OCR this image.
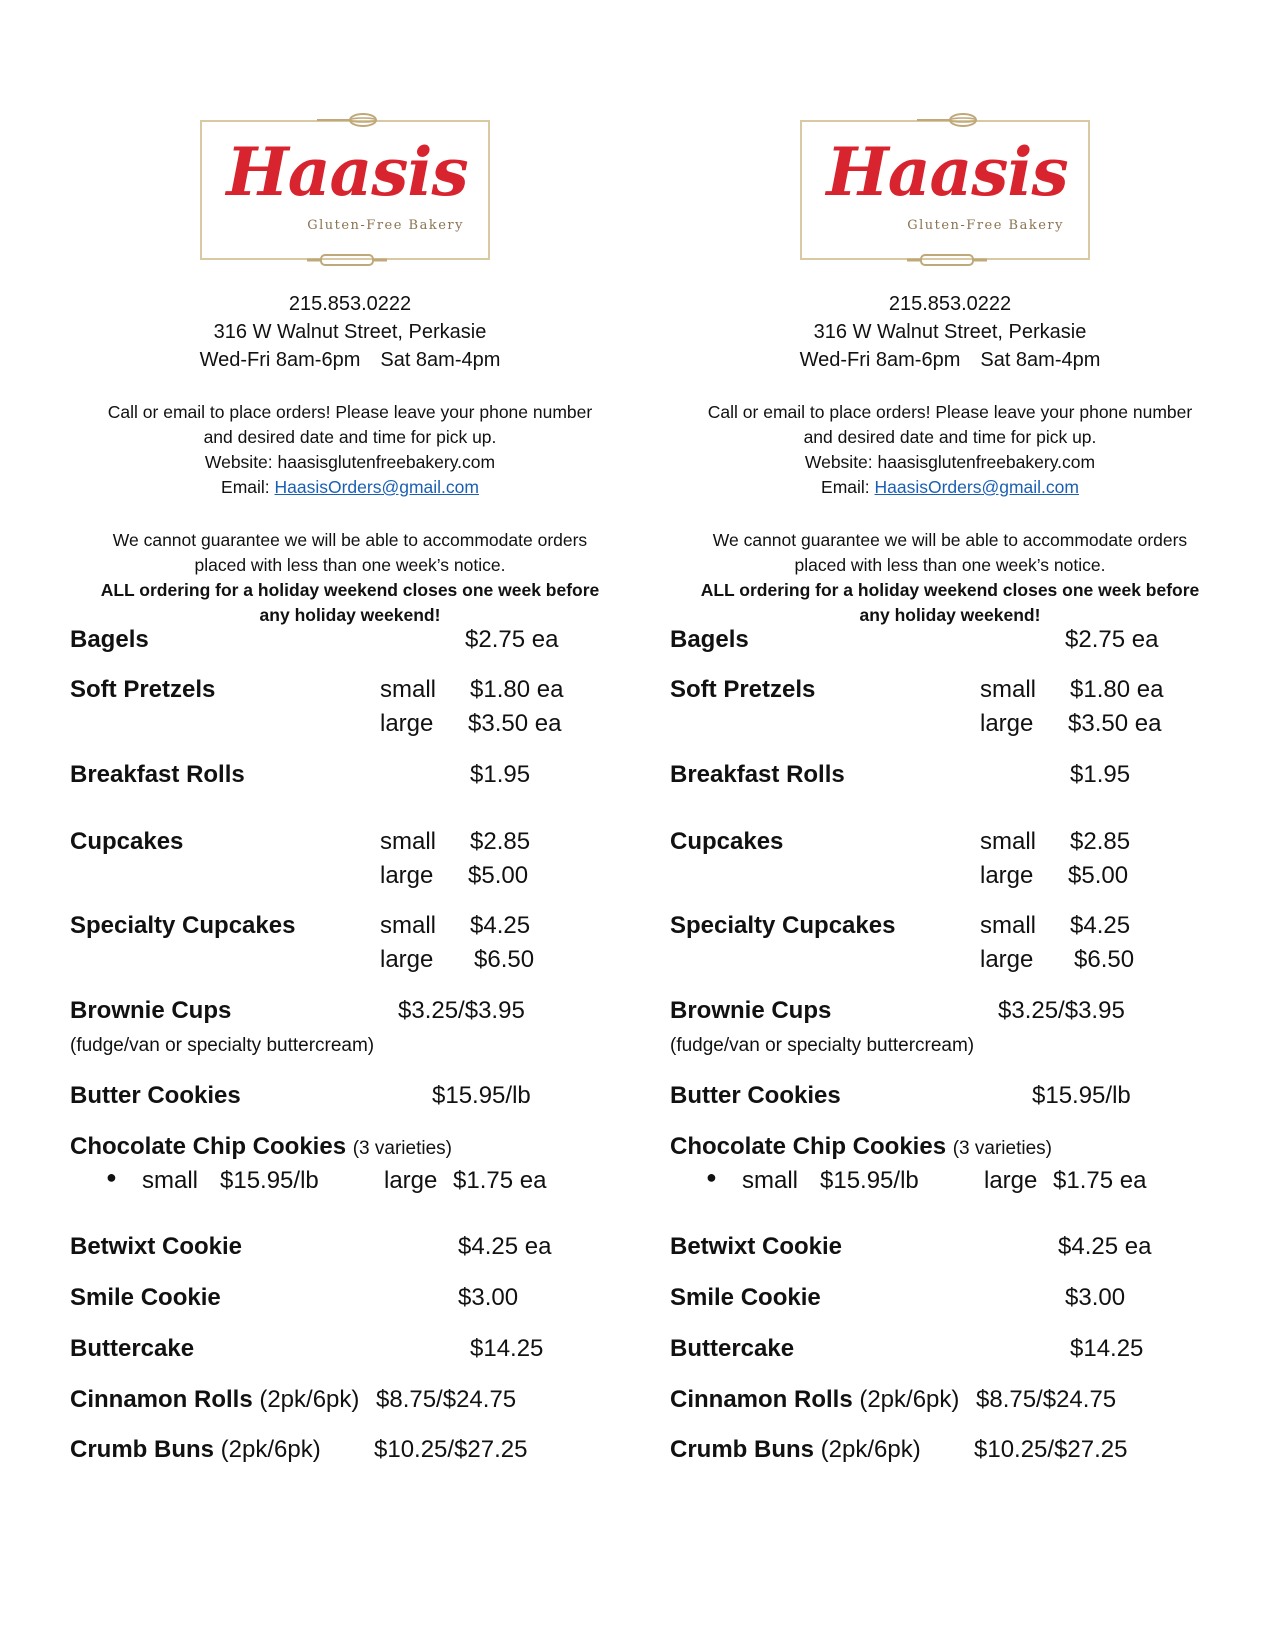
Haasis
Gluten-Free Bakery
215.853.0222
316 W Walnut Street, Perkasie
Wed-Fri 8am-6pm Sat 8am-4pm
Call or email to place orders! Please leave your phone number
and desired date and time for pick up.
Website: haasisglutenfreebakery.com
Email: HaasisOrders@gmail.com
We cannot guarantee we will be able to accommodate orders
placed with less than one week’s notice.
ALL ordering for a holiday weekend closes one week before
any holiday weekend!
Bagels	$2.75 ea
Soft Pretzels	small $1.80 ea
large $3.50 ea
Breakfast Rolls	$1.95
Cupcakes	small $2.85
large $5.00
Specialty Cupcakes	small $4.25
large $6.50
Brownie Cups	$3.25/$3.95
(fudge/van or specialty buttercream)
Butter Cookies	$15.95/lb
Chocolate Chip Cookies (3 varieties)
● small $15.95/lb	large $1.75 ea
Betwixt Cookie	$4.25 ea
Smile Cookie	$3.00
Buttercake	$14.25
Cinnamon Rolls (2pk/6pk) $8.75/$24.75
Crumb Buns (2pk/6pk) $10.25/$27.25
Haasis
Gluten-Free Bakery
215.853.0222
316 W Walnut Street, Perkasie
Wed-Fri 8am-6pm Sat 8am-4pm
Call or email to place orders! Please leave your phone number
and desired date and time for pick up.
Website: haasisglutenfreebakery.com
Email: HaasisOrders@gmail.com
We cannot guarantee we will be able to accommodate orders
placed with less than one week’s notice.
ALL ordering for a holiday weekend closes one week before
any holiday weekend!
Bagels	$2.75 ea
Soft Pretzels	small $1.80 ea
large $3.50 ea
Breakfast Rolls	$1.95
Cupcakes	small $2.85
large $5.00
Specialty Cupcakes	small $4.25
large $6.50
Brownie Cups	$3.25/$3.95
(fudge/van or specialty buttercream)
Butter Cookies	$15.95/lb
Chocolate Chip Cookies (3 varieties)
● small $15.95/lb	large $1.75 ea
Betwixt Cookie	$4.25 ea
Smile Cookie	$3.00
Buttercake	$14.25
Cinnamon Rolls (2pk/6pk) $8.75/$24.75
Crumb Buns (2pk/6pk) $10.25/$27.25
